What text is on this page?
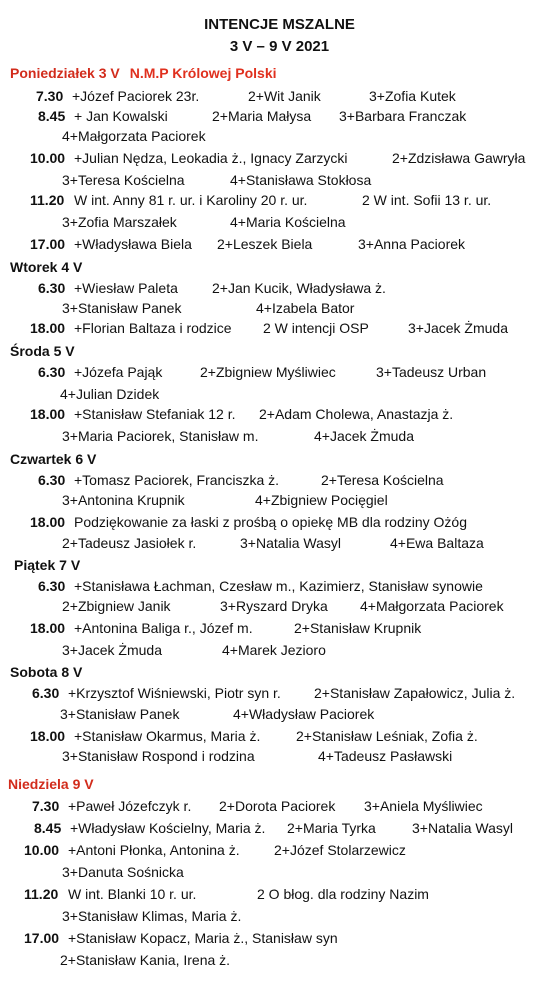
INTENCJE MSZALNE
3 V – 9 V 2021
Poniedziałek 3 V N.M.P Królowej Polski
7.30 +Józef Paciorek 23r.	2+Wit Janik	3+Zofia Kutek
8.45 + Jan Kowalski	2+Maria Małysa 3+Barbara Franczak
4+Małgorzata Paciorek
10.00 +Julian Nędza, Leokadia ż., Ignacy Zarzycki	2+Zdzisława Gawryła
3+Teresa Kościelna	4+Stanisława Stokłosa
11.20 W int. Anny 81 r. ur. i Karoliny 20 r. ur.	2 W int. Sofii 13 r. ur.
3+Zofia Marszałek	4+Maria Kościelna
17.00 +Władysława Biela 2+Leszek Biela	3+Anna Paciorek
Wtorek 4 V
6.30 +Wiesław Paleta 2+Jan Kucik, Władysława ż.
3+Stanisław Panek	4+Izabela Bator
18.00 +Florian Baltaza i rodzice 2 W intencji OSP	3+Jacek Żmuda
Środa 5 V
6.30 +Józefa Pająk	2+Zbigniew Myśliwiec	3+Tadeusz Urban
4+Julian Dzidek
18.00 +Stanisław Stefaniak 12 r. 2+Adam Cholewa, Anastazja ż.
3+Maria Paciorek, Stanisław m.	4+Jacek Żmuda
Czwartek 6 V
6.30 +Tomasz Paciorek, Franciszka ż.	2+Teresa Kościelna
3+Antonina Krupnik	4+Zbigniew Pocięgiel
18.00 Podziękowanie za łaski z prośbą o opiekę MB dla rodziny Ożóg
2+Tadeusz Jasiołek r.	3+Natalia Wasyl	4+Ewa Baltaza
Piątek 7 V
6.30 +Stanisława Łachman, Czesław m., Kazimierz, Stanisław synowie
2+Zbigniew Janik	3+Ryszard Dryka 4+Małgorzata Paciorek
18.00 +Antonina Baliga r., Józef m.	2+Stanisław Krupnik
3+Jacek Żmuda	4+Marek Jezioro
Sobota 8 V
6.30 +Krzysztof Wiśniewski, Piotr syn r. 2+Stanisław Zapałowicz, Julia ż.
3+Stanisław Panek	4+Władysław Paciorek
18.00 +Stanisław Okarmus, Maria ż.	2+Stanisław Leśniak, Zofia ż.
3+Stanisław Rospond i rodzina	4+Tadeusz Pasławski
Niedziela 9 V
7.30 +Paweł Józefczyk r. 2+Dorota Paciorek 3+Aniela Myśliwiec
8.45 +Władysław Kościelny, Maria ż. 2+Maria Tyrka	3+Natalia Wasyl
10.00 +Antoni Płonka, Antonina ż. 2+Józef Stolarzewicz
3+Danuta Sośnicka
11.20 W int. Blanki 10 r. ur.	2 O błog. dla rodziny Nazim
3+Stanisław Klimas, Maria ż.
17.00 +Stanisław Kopacz, Maria ż., Stanisław syn
2+Stanisław Kania, Irena ż.
